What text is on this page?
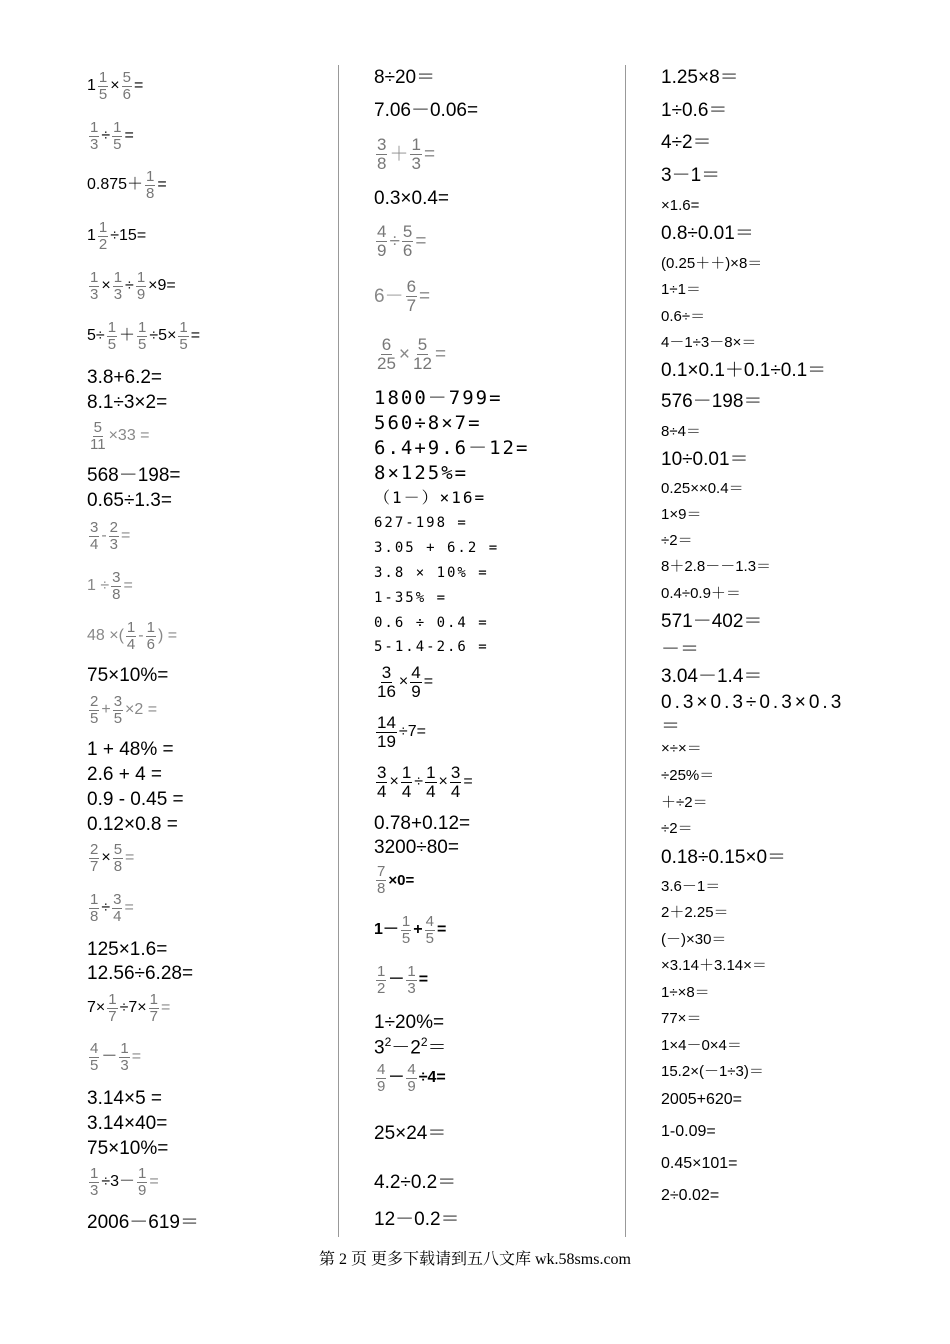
1 1
5 × 5
6 =
1
3 ÷ 1
5 =
0.875＋ 1
8 =
1 1
2 ÷15=
1
3 × 1
3 ÷ 1
9 ×9=
5÷ 1
5 ＋ 1
5 ÷5× 1
5 =
3.8+6.2=
8.1÷3×2=
5
11 ×33 =
568－198=
0.65÷1.3=
3
4 - 2
3 =
1 ÷ 3
8 =
48 ×( 1
4 - 1
6 ) =
75×10%=
2
5 + 3
5 ×2 =
1 + 48% =
2.6 + 4 =
0.9 - 0.45 =
0.12×0.8 =
2
$7 \times \frac{5}{8}$ =
1
$8 \div \frac{3}{4}$ =
125×1.6=
12.56÷6.28=
7× 1
$7 \div 7\times \frac{1}{7}$ =
4
$5 - \frac{1}{3}$ =
3.14×5 =
3.14×40=
75×10%=
1
$3 \div 3- \frac{1}{9}$ =
2006－619＝
8÷20＝
7.06－0.06=
3
8 ＋ 1
3 =
0.3×0.4=
4
9 ÷ 5
6 =
6－ 6
7 =
6
25 × 5
12 =
1800－799=
560÷8×7=
6.4+9.6－12=
8×125%=
（1－）×16=
627-198 =
3.05 + 6.2 =
3.8 × 10% =
1-35% =
0.6 ÷ 0.4 =
5-1.4-2.6 =
3
16 × 4
9 =
14
19 ÷7=
3
4 × 1
4 ÷ 1
4 × 3
4 =
0.78+0.12=
3200÷80=
7
8 ×0=
1－ 1
5 + 4
5 =
1
2 － 1
3 =
1÷20%=
$3^2-2^2=$
4
9 － 4
9 ÷4=
25×24＝
4.2÷0.2＝
12－0.2＝
1.25×8＝
1÷0.6＝
4÷2＝
3－1＝
×1.6=
0.8÷0.01＝
(0.25＋＋)×8＝
1÷1＝
0.6÷＝
4－1÷3－8×＝
0.1×0.1＋0.1÷0.1＝
576－198＝
8÷4＝
10÷0.01＝
0.25××0.4＝
1×9＝
÷2＝
8＋2.8－－1.3＝
0.4÷0.9＋＝
571－402＝
－＝
3.04－1.4＝
0.3×0.3÷0.3×0.3
＝
×÷×＝
÷25%＝
＋÷2＝
÷2＝
0.18÷0.15×0＝
3.6－1＝
2＋2.25＝
(－)×30＝
×3.14＋3.14×＝
1÷×8＝
77×＝
1×4－0×4＝
15.2×(－1÷3)＝
2005+620=
1-0.09=
0.45×101=
2÷0.02=
第 2 页 更多下载请到五八文库 wk.58sms.com
